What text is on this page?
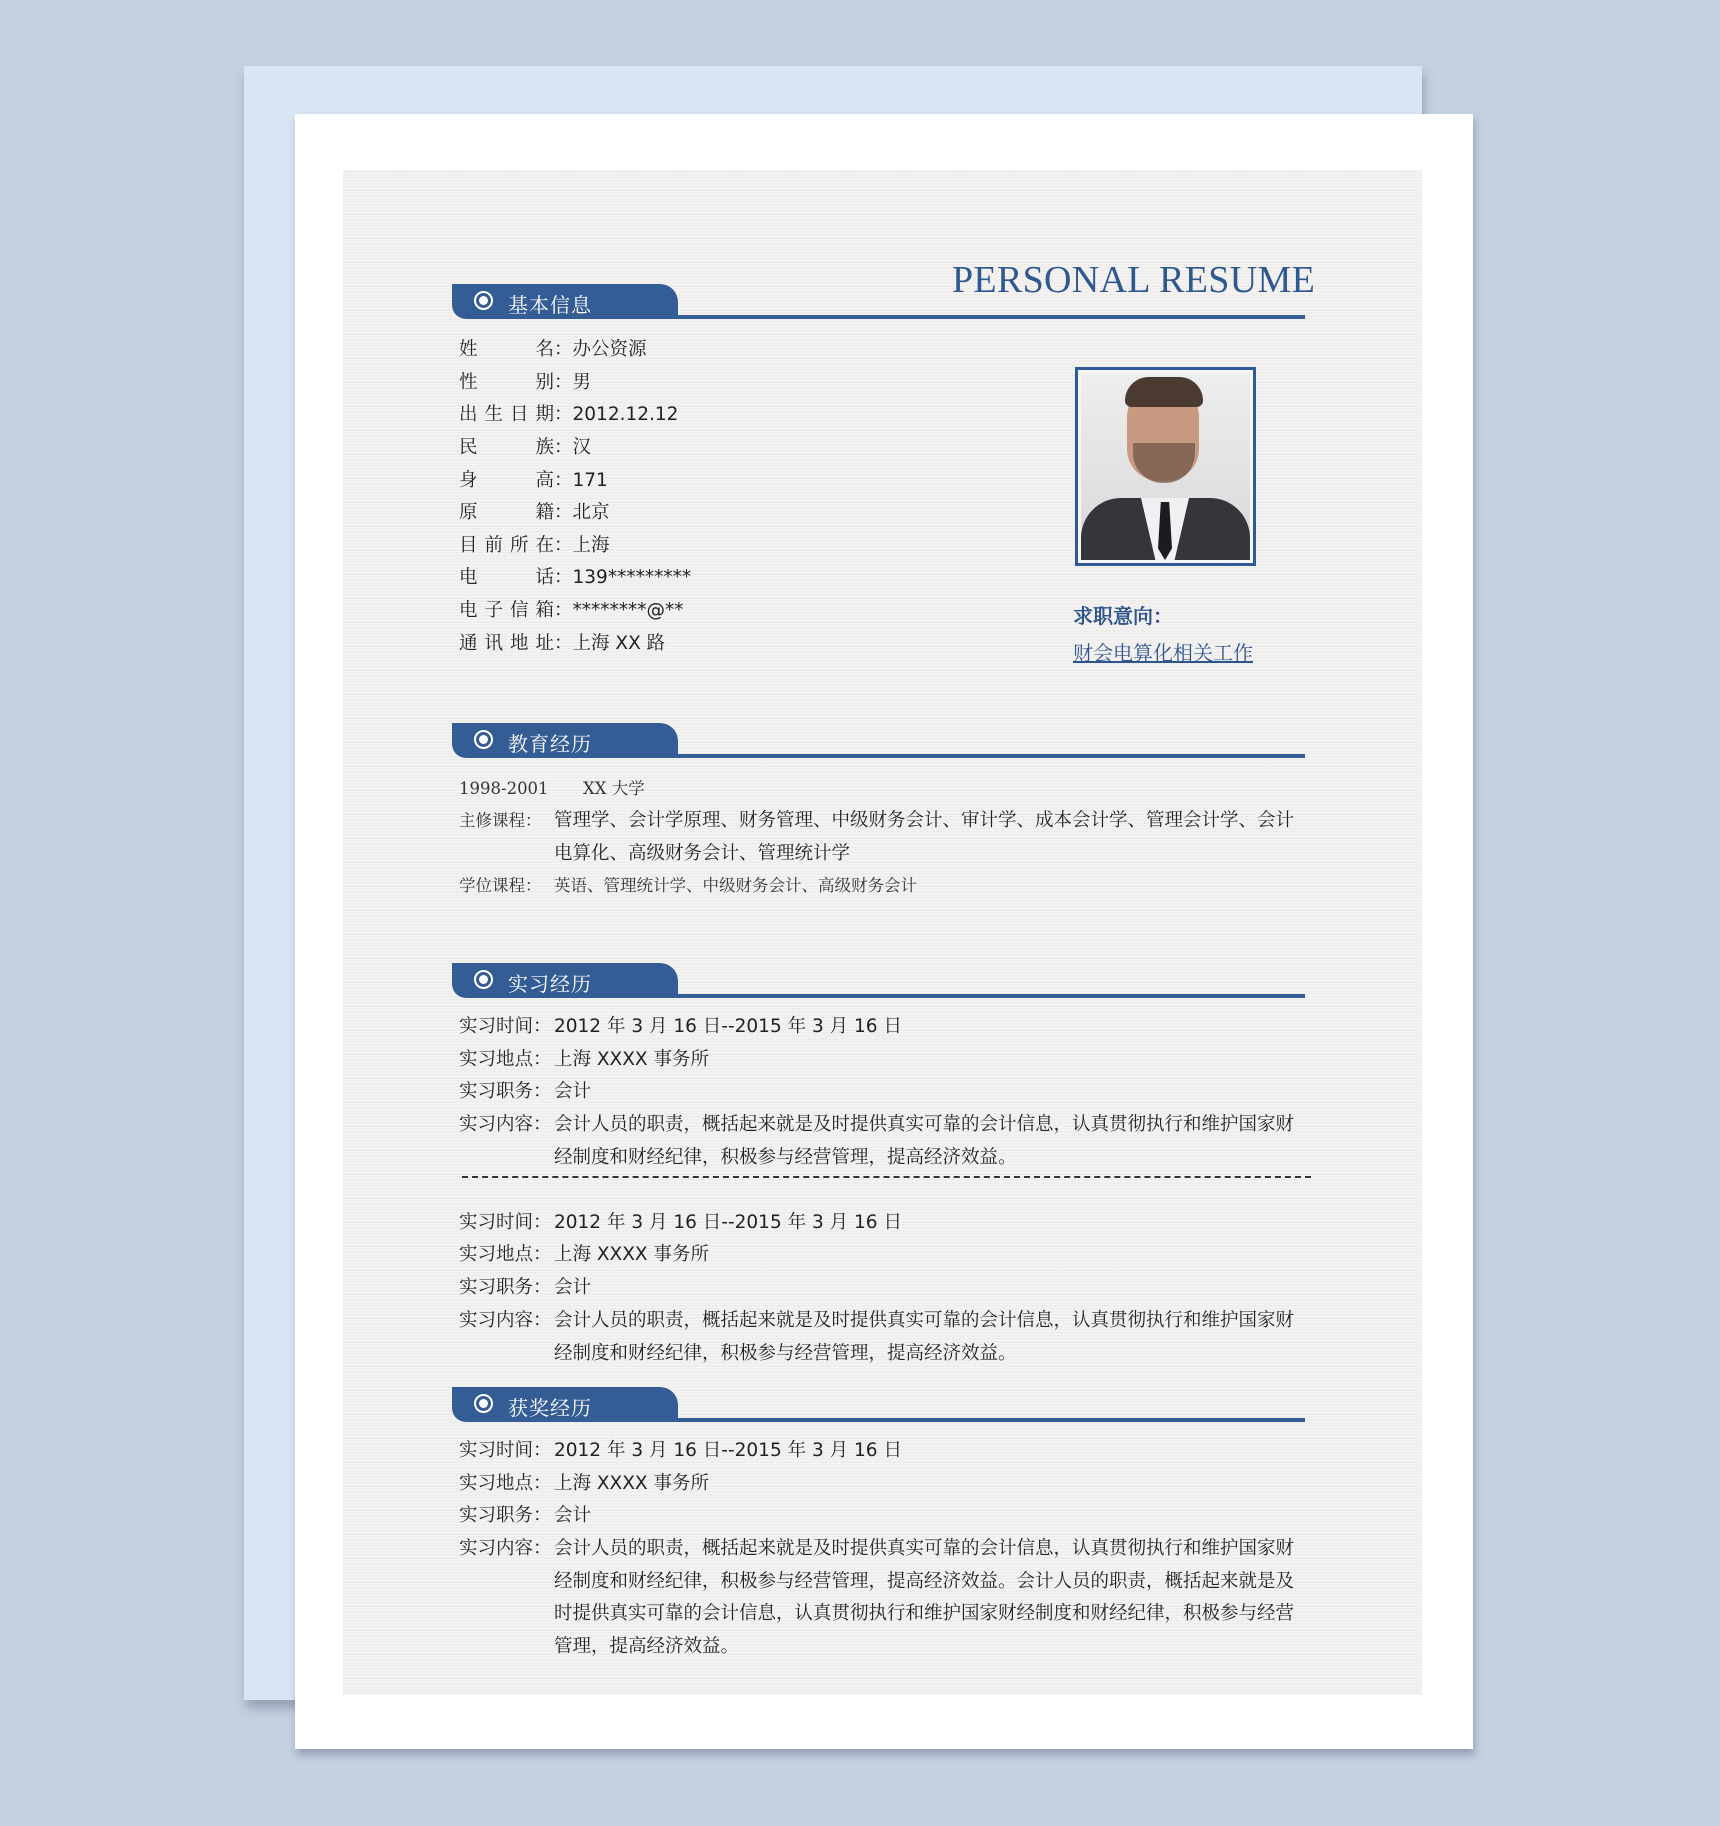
PERSONAL RESUME
基本信息
姓　　名：办公资源
性　　别：男
出生日期：2012.12.12
民　　族：汉
身　　高：171
原　　籍：北京
目前所在：上海
电　　话：139*********
电子信箱：********@**
通讯地址：上海 XX 路
求职意向：
财会电算化相关工作
教育经历
1998-2001 XX 大学
主修课程： 管理学、会计学原理、财务管理、中级财务会计、审计学、成本会计学、管理会计学、会计电算化、高级财务会计、管理统计学
学位课程： 英语、管理统计学、中级财务会计、高级财务会计
实习经历
实习时间： 2012 年 3 月 16 日--2015 年 3 月 16 日
实习地点： 上海 XXXX 事务所
实习职务： 会计
实习内容： 会计人员的职责，概括起来就是及时提供真实可靠的会计信息，认真贯彻执行和维护国家财经制度和财经纪律，积极参与经营管理，提高经济效益。
实习时间： 2012 年 3 月 16 日--2015 年 3 月 16 日
实习地点： 上海 XXXX 事务所
实习职务： 会计
实习内容： 会计人员的职责，概括起来就是及时提供真实可靠的会计信息，认真贯彻执行和维护国家财经制度和财经纪律，积极参与经营管理，提高经济效益。
获奖经历
实习时间： 2012 年 3 月 16 日--2015 年 3 月 16 日
实习地点： 上海 XXXX 事务所
实习职务： 会计
实习内容： 会计人员的职责，概括起来就是及时提供真实可靠的会计信息，认真贯彻执行和维护国家财经制度和财经纪律，积极参与经营管理，提高经济效益。会计人员的职责，概括起来就是及时提供真实可靠的会计信息，认真贯彻执行和维护国家财经制度和财经纪律，积极参与经营管理，提高经济效益。
